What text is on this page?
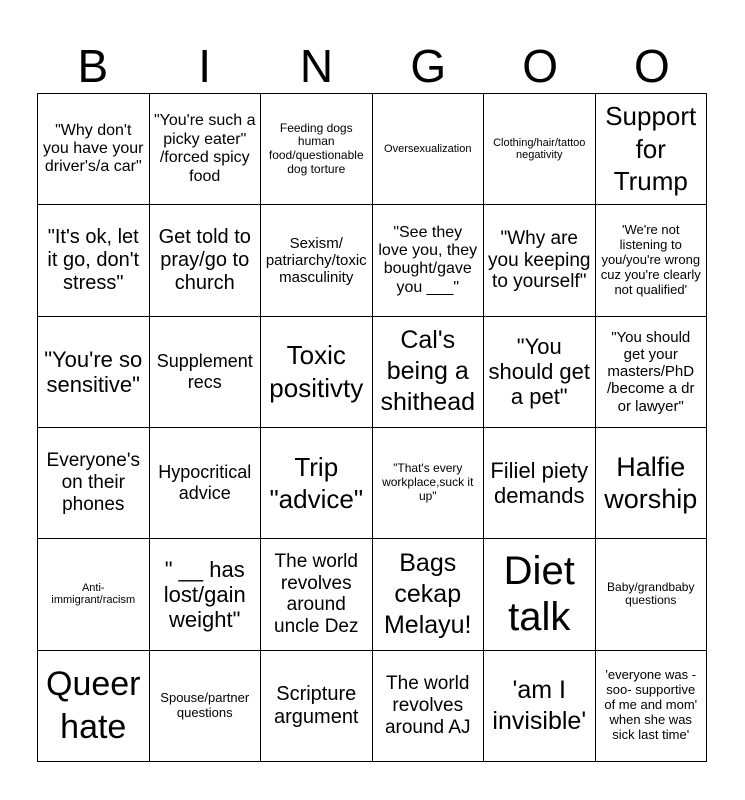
B	I	N	G	O	O
"Why don't you have your driver's/a car"
"You're such a picky eater" /forced spicy food
Feeding dogs human food/questionable dog torture
Oversexualization
Clothing/hair/tattoo negativity
Support for Trump
"It's ok, let it go, don't stress"
Get told to pray/go to church
Sexism/ patriarchy/toxic masculinity
"See they love you, they bought/gave you ___"
"Why are you keeping to yourself"
'We're not listening to you/you're wrong cuz you're clearly not qualified'
"You're so sensitive"
Supplement recs
Toxic positivty
Cal's being a shithead
"You should get a pet"
"You should get your masters/PhD /become a dr or lawyer"
Everyone's on their phones
Hypocritical advice
Trip "advice"
"That's every workplace,suck it up"
Filiel piety demands
Halfie worship
Anti-immigrant/racism
" __ has lost/gain weight"
The world revolves around uncle Dez
Bags cekap Melayu!
Diet talk
Baby/grandbaby questions
Queer hate
Spouse/partner questions
Scripture argument
The world revolves around AJ
'am I invisible'
'everyone was -soo- supportive of me and mom' when she was sick last time'
